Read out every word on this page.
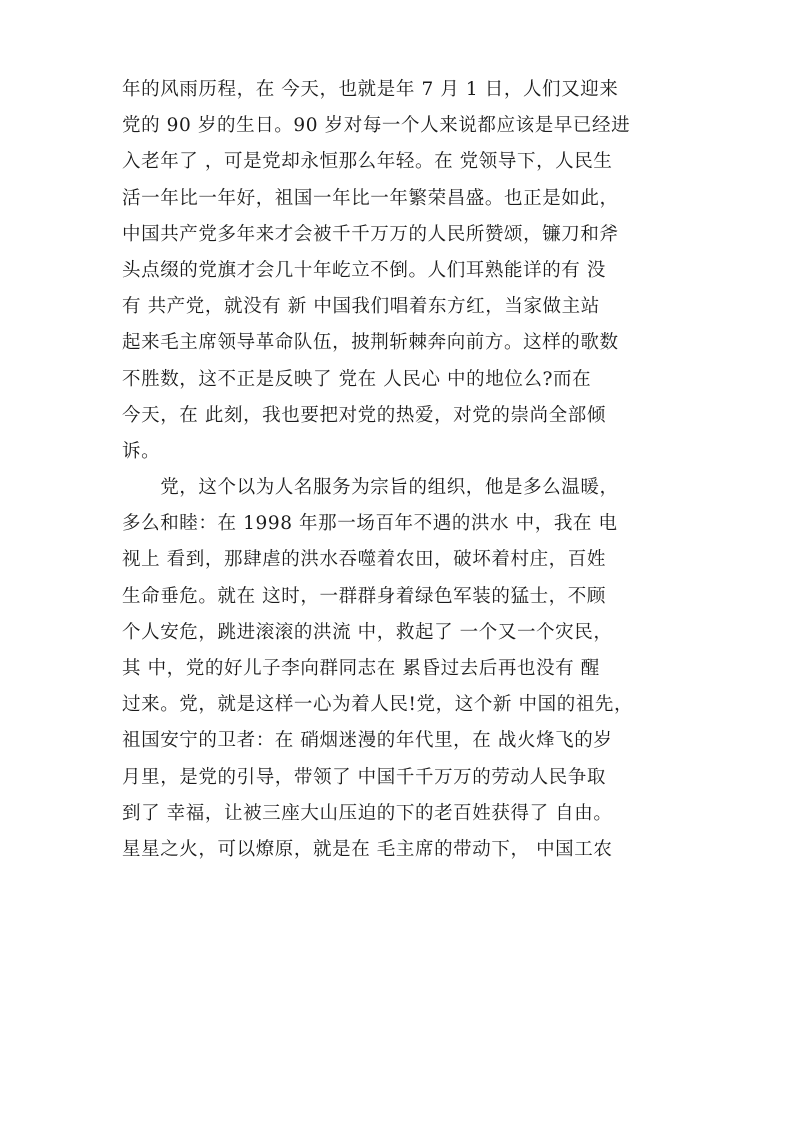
年的风雨历程，在 今天，也就是年 7 月 1 日，人们又迎来
党的 90 岁的生日。90 岁对每一个人来说都应该是早已经进
入老年了 ，可是党却永恒那么年轻。在 党领导下，人民生
活一年比一年好，祖国一年比一年繁荣昌盛。也正是如此，
中国共产党多年来才会被千千万万的人民所赞颂，镰刀和斧
头点缀的党旗才会几十年屹立不倒。人们耳熟能详的有 没
有 共产党，就没有 新 中国我们唱着东方红，当家做主站
起来毛主席领导革命队伍，披荆斩棘奔向前方。这样的歌数
不胜数，这不正是反映了 党在 人民心 中的地位么?而在
今天，在 此刻，我也要把对党的热爱，对党的崇尚全部倾
诉。
　　党，这个以为人名服务为宗旨的组织，他是多么温暖，
多么和睦：在 1998 年那一场百年不遇的洪水 中，我在 电
视上 看到，那肆虐的洪水吞噬着农田，破坏着村庄，百姓
生命垂危。就在 这时，一群群身着绿色军装的猛士，不顾
个人安危，跳进滚滚的洪流 中，救起了 一个又一个灾民，
其 中，党的好儿子李向群同志在 累昏过去后再也没有 醒
过来。党，就是这样一心为着人民!党，这个新 中国的祖先，
祖国安宁的卫者：在 硝烟迷漫的年代里，在 战火烽飞的岁
月里，是党的引导，带领了 中国千千万万的劳动人民争取
到了 幸福，让被三座大山压迫的下的老百姓获得了 自由。
星星之火，可以燎原，就是在 毛主席的带动下， 中国工农
